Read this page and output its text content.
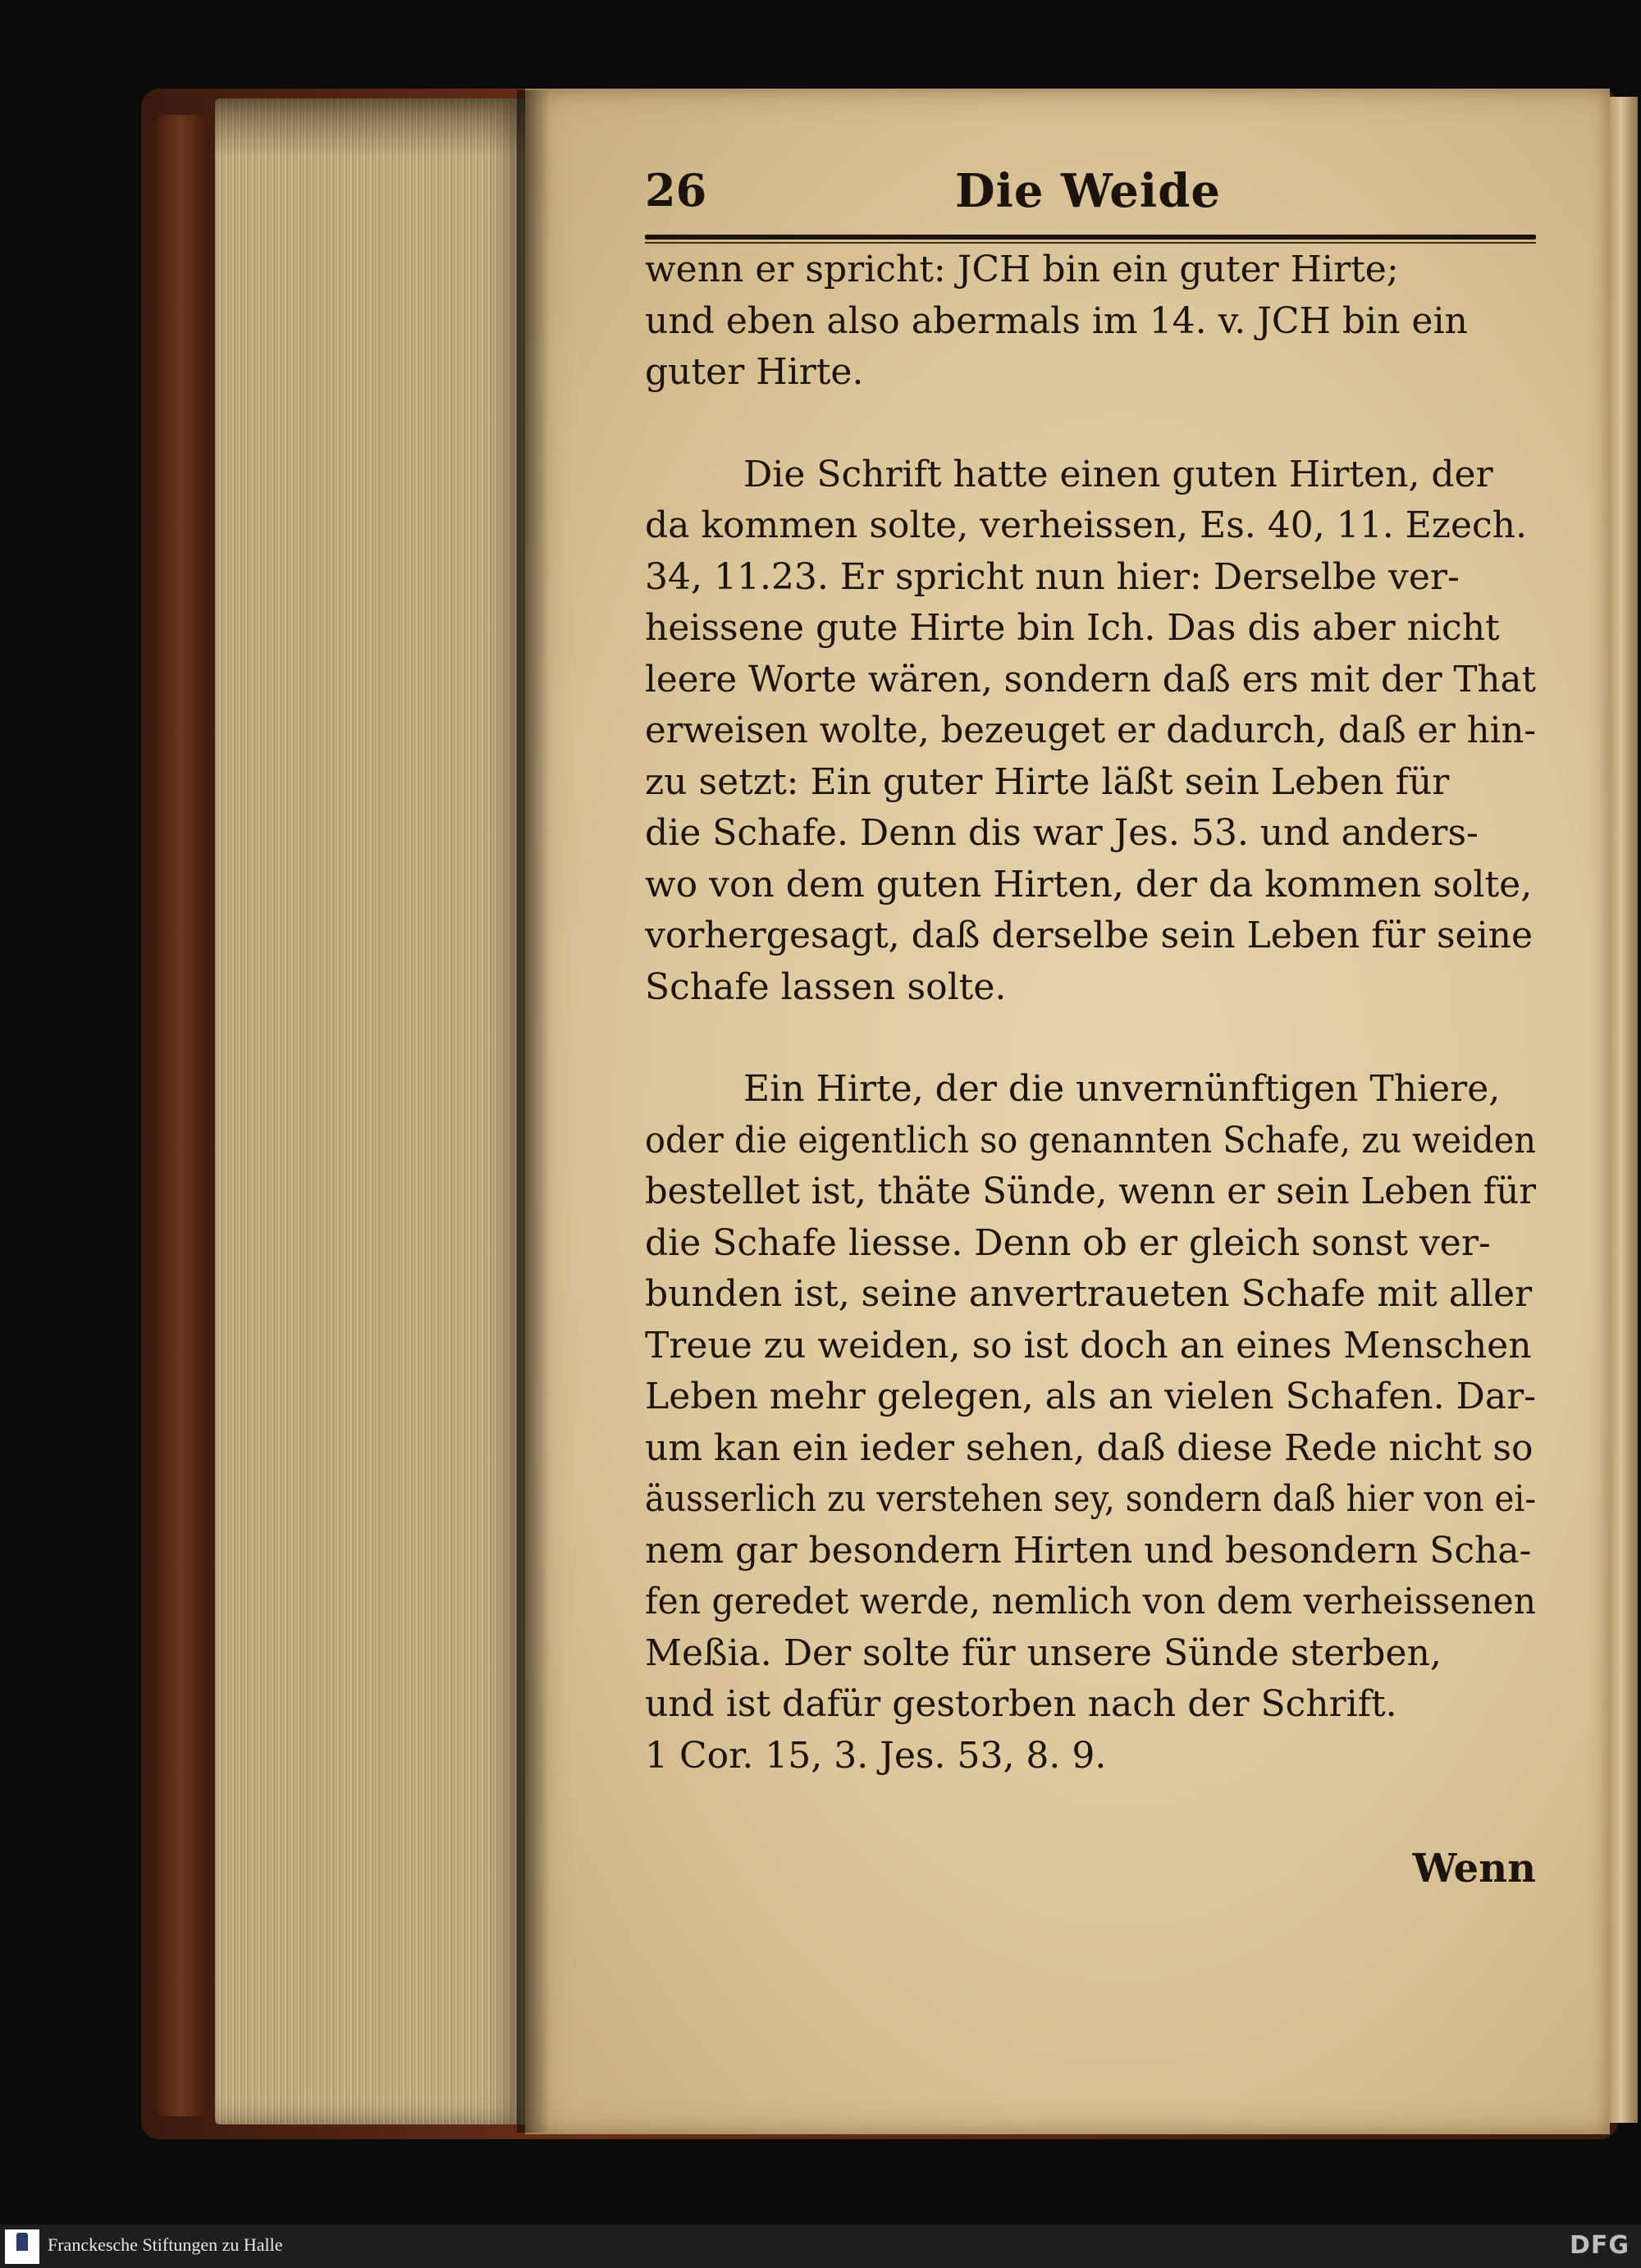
26	Die Weide
wenn er spricht: JCH bin ein guter Hirte;
und eben also abermals im 14. v. JCH bin ein
guter Hirte.
Die Schrift hatte einen guten Hirten, der
da kommen solte, verheissen, Es. 40, 11. Ezech.
34, 11.23. Er spricht nun hier: Derselbe ver-
heissene gute Hirte bin Ich. Das dis aber nicht
leere Worte wären, sondern daß ers mit der That
erweisen wolte, bezeuget er dadurch, daß er hin-
zu setzt: Ein guter Hirte läßt sein Leben für
die Schafe. Denn dis war Jes. 53. und anders-
wo von dem guten Hirten, der da kommen solte,
vorhergesagt, daß derselbe sein Leben für seine
Schafe lassen solte.
Ein Hirte, der die unvernünftigen Thiere,
oder die eigentlich so genannten Schafe, zu weiden
bestellet ist, thäte Sünde, wenn er sein Leben für
die Schafe liesse. Denn ob er gleich sonst ver-
bunden ist, seine anvertraueten Schafe mit aller
Treue zu weiden, so ist doch an eines Menschen
Leben mehr gelegen, als an vielen Schafen. Dar-
um kan ein ieder sehen, daß diese Rede nicht so
äusserlich zu verstehen sey, sondern daß hier von ei-
nem gar besondern Hirten und besondern Scha-
fen geredet werde, nemlich von dem verheissenen
Meßia. Der solte für unsere Sünde sterben,
und ist dafür gestorben nach der Schrift.
1 Cor. 15, 3. Jes. 53, 8. 9.
Wenn
Franckesche Stiftungen zu Halle	DFG
